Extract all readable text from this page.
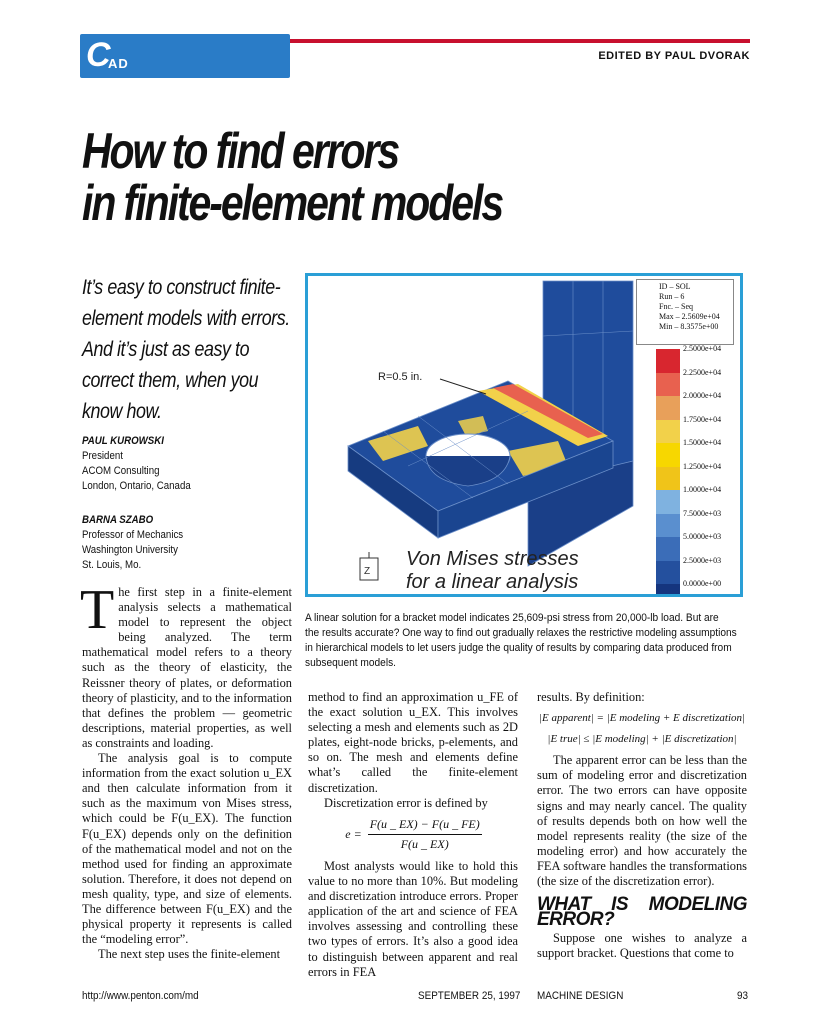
C
AD	EDITED BY PAUL DVORAK
How to find errors
in finite-element models
It’s easy to construct finite-
element models with errors.
And it’s just as easy to
correct them, when you
know how.
PAUL KUROWSKI
President
ACOM Consulting
London, Ontario, Canada
BARNA SZABO
Professor of Mechanics
Washington University
St. Louis, Mo.
Z
R=0.5 in.
Von Mises stresses
for a linear analysis
ID – SOL
Run – 6
Fnc. – Seq
Max – 2.5609e+04
Min – 8.3575e+00
2.5000e+04
2.2500e+04
2.0000e+04
1.7500e+04
1.5000e+04
1.2500e+04
1.0000e+04
7.5000e+03
5.0000e+03
2.5000e+03
0.0000e+00
A linear solution for a bracket model indicates 25,609-psi stress from 20,000-lb load. But are
the results accurate? One way to find out gradually relaxes the restrictive modeling assumptions
in hierarchical models to let users judge the quality of results by comparing data produced from
subsequent models.

The first step in a finite-element analysis selects a mathematical model to represent the object being analyzed. The term mathematical model refers to a theory such as the theory of elasticity, the Reissner theory of plates, or deformation theory of plasticity, and to the information that defines the problem — geometric descriptions, material properties, as well as constraints and loading.

The analysis goal is to compute information from the exact solution u_EX and then calculate information from it such as the maximum von Mises stress, which could be F(u_EX). The function F(u_EX) depends only on the definition of the mathematical model and not on the method used for finding an approximate solution. Therefore, it does not depend on mesh quality, type, and size of elements. The difference between F(u_EX) and the physical property it represents is called the “modeling error”.

The next step uses the finite-element

method to find an approximation u_FE of the exact solution u_EX. This involves selecting a mesh and elements such as 2D plates, eight-node bricks, p-elements, and so on. The mesh and elements define what’s called the finite-element discretization.

Discretization error is defined by

e =	F(u _ EX) − F(u _ FE)
F(u _ EX)

Most analysts would like to hold this value to no more than 10%. But modeling and discretization introduce errors. Proper application of the art and science of FEA involves assessing and controlling these two types of errors. It’s also a good idea to distinguish between apparent and real errors in FEA

results. By definition:

|E apparent| = |E modeling + E discretization|
|E true| ≤ |E modeling| + |E discretization|

The apparent error can be less than the sum of modeling error and discretization error. The two errors can have opposite signs and may nearly cancel. The quality of results depends both on how well the model represents reality (the size of the modeling error) and how accurately the FEA software handles the transformations (the size of the discretization error).

WHAT IS MODELING ERROR?

Suppose one wishes to analyze a support bracket. Questions that come to

http://www.penton.com/md	SEPTEMBER 25, 1997 MACHINE DESIGN	93
